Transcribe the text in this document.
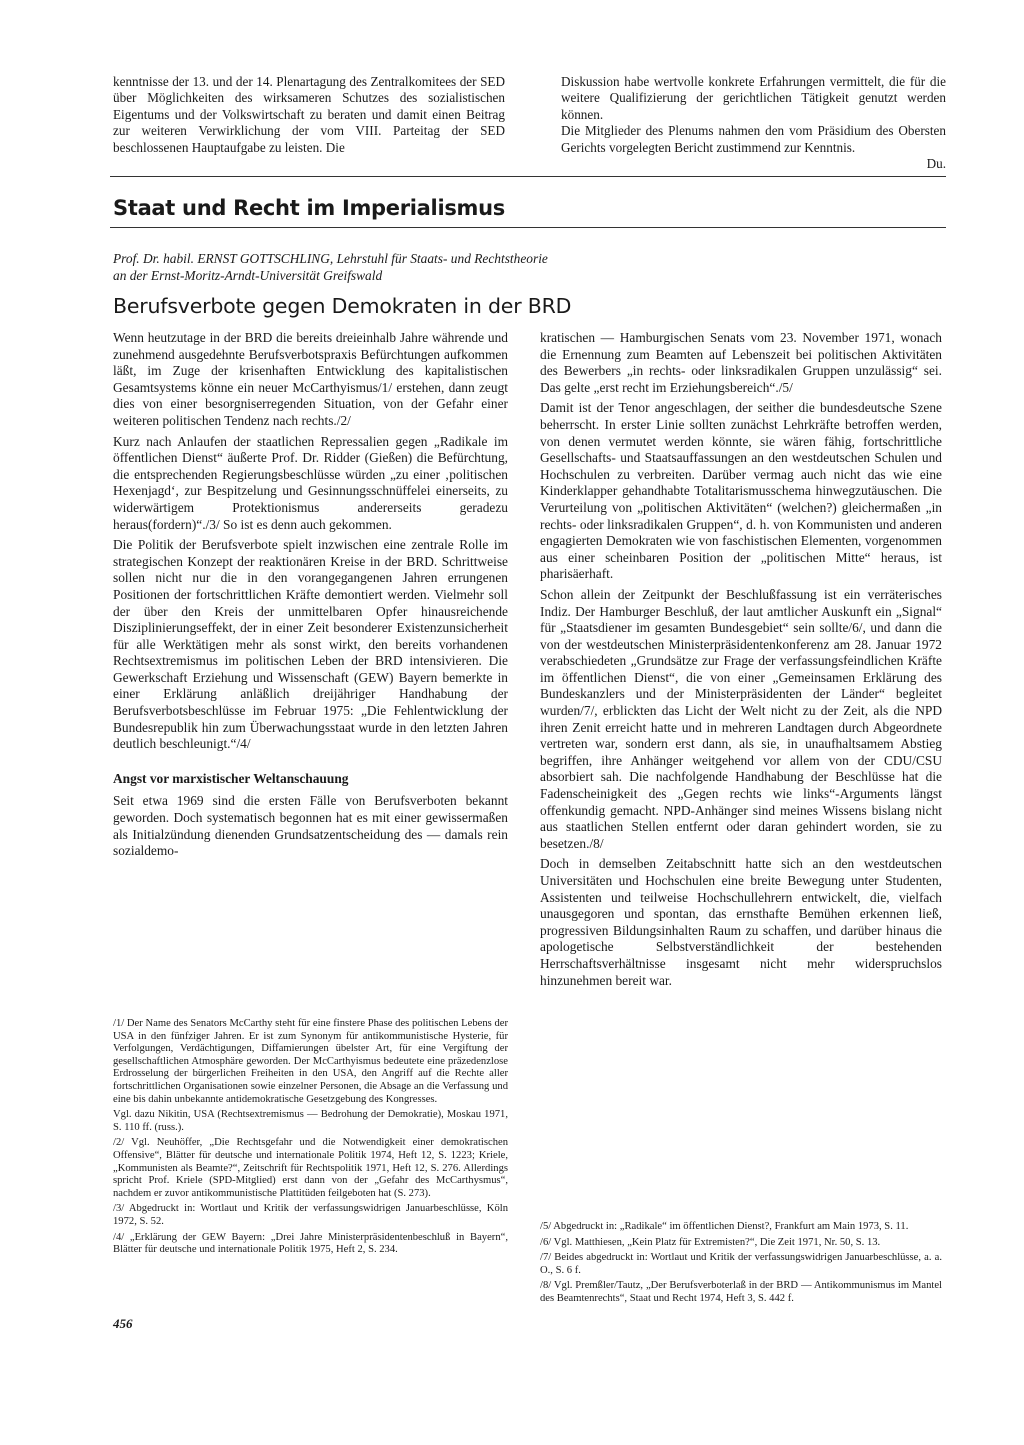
kenntnisse der 13. und der 14. Plenartagung des Zentralkomitees der SED über Möglichkeiten des wirksameren Schutzes des sozialistischen Eigentums und der Volkswirtschaft zu beraten und damit einen Beitrag zur weiteren Verwirklichung der vom VIII. Parteitag der SED beschlossenen Hauptaufgabe zu leisten. Die

Diskussion habe wertvolle konkrete Erfahrungen vermittelt, die für die weitere Qualifizierung der gerichtlichen Tätigkeit genutzt werden können.

Die Mitglieder des Plenums nahmen den vom Präsidium des Obersten Gerichts vorgelegten Bericht zustimmend zur Kenntnis.

Du.

Staat und Recht im Imperialismus

Prof. Dr. habil. ERNST GOTTSCHLING, Lehrstuhl für Staats- und Rechtstheorie
an der Ernst-Moritz-Arndt-Universität Greifswald

Berufsverbote gegen Demokraten in der BRD

Wenn heutzutage in der BRD die bereits dreieinhalb Jahre währende und zunehmend ausgedehnte Berufsverbotspraxis Befürchtungen aufkommen läßt, im Zuge der krisenhaften Entwicklung des kapitalistischen Gesamtsystems könne ein neuer McCarthyismus/1/ erstehen, dann zeugt dies von einer besorgniserregenden Situation, von der Gefahr einer weiteren politischen Tendenz nach rechts./2/

Kurz nach Anlaufen der staatlichen Repressalien gegen „Radikale im öffentlichen Dienst“ äußerte Prof. Dr. Ridder (Gießen) die Befürchtung, die entsprechenden Regierungsbeschlüsse würden „zu einer ‚politischen Hexenjagd‘, zur Bespitzelung und Gesinnungsschnüffelei einerseits, zu widerwärtigem Protektionismus andererseits geradezu heraus(fordern)“./3/ So ist es denn auch gekommen.

Die Politik der Berufsverbote spielt inzwischen eine zentrale Rolle im strategischen Konzept der reaktionären Kreise in der BRD. Schrittweise sollen nicht nur die in den vorangegangenen Jahren errungenen Positionen der fortschrittlichen Kräfte demontiert werden. Vielmehr soll der über den Kreis der unmittelbaren Opfer hinausreichende Disziplinierungseffekt, der in einer Zeit besonderer Existenzunsicherheit für alle Werktätigen mehr als sonst wirkt, den bereits vorhandenen Rechtsextremismus im politischen Leben der BRD intensivieren. Die Gewerkschaft Erziehung und Wissenschaft (GEW) Bayern bemerkte in einer Erklärung anläßlich dreijähriger Handhabung der Berufsverbotsbeschlüsse im Februar 1975: „Die Fehlentwicklung der Bundesrepublik hin zum Überwachungsstaat wurde in den letzten Jahren deutlich beschleunigt.“/4/

Angst vor marxistischer Weltanschauung

Seit etwa 1969 sind die ersten Fälle von Berufsverboten bekannt geworden. Doch systematisch begonnen hat es mit einer gewissermaßen als Initialzündung dienenden Grundsatzentscheidung des — damals rein sozialdemo-

kratischen — Hamburgischen Senats vom 23. November 1971, wonach die Ernennung zum Beamten auf Lebenszeit bei politischen Aktivitäten des Bewerbers „in rechts- oder linksradikalen Gruppen unzulässig“ sei. Das gelte „erst recht im Erziehungsbereich“./5/

Damit ist der Tenor angeschlagen, der seither die bundesdeutsche Szene beherrscht. In erster Linie sollten zunächst Lehrkräfte betroffen werden, von denen vermutet werden könnte, sie wären fähig, fortschrittliche Gesellschafts- und Staatsauffassungen an den westdeutschen Schulen und Hochschulen zu verbreiten. Darüber vermag auch nicht das wie eine Kinderklapper gehandhabte Totalitarismusschema hinwegzutäuschen. Die Verurteilung von „politischen Aktivitäten“ (welchen?) gleichermaßen „in rechts- oder linksradikalen Gruppen“, d. h. von Kommunisten und anderen engagierten Demokraten wie von faschistischen Elementen, vorgenommen aus einer scheinbaren Position der „politischen Mitte“ heraus, ist pharisäerhaft.

Schon allein der Zeitpunkt der Beschlußfassung ist ein verräterisches Indiz. Der Hamburger Beschluß, der laut amtlicher Auskunft ein „Signal“ für „Staatsdiener im gesamten Bundesgebiet“ sein sollte/6/, und dann die von der westdeutschen Ministerpräsidentenkonferenz am 28. Januar 1972 verabschiedeten „Grundsätze zur Frage der verfassungsfeindlichen Kräfte im öffentlichen Dienst“, die von einer „Gemeinsamen Erklärung des Bundeskanzlers und der Ministerpräsidenten der Länder“ begleitet wurden/7/, erblickten das Licht der Welt nicht zu der Zeit, als die NPD ihren Zenit erreicht hatte und in mehreren Landtagen durch Abgeordnete vertreten war, sondern erst dann, als sie, in unaufhaltsamem Abstieg begriffen, ihre Anhänger weitgehend vor allem von der CDU/CSU absorbiert sah. Die nachfolgende Handhabung der Beschlüsse hat die Fadenscheinigkeit des „Gegen rechts wie links“-Arguments längst offenkundig gemacht. NPD-Anhänger sind meines Wissens bislang nicht aus staatlichen Stellen entfernt oder daran gehindert worden, sie zu besetzen./8/

Doch in demselben Zeitabschnitt hatte sich an den westdeutschen Universitäten und Hochschulen eine breite Bewegung unter Studenten, Assistenten und teilweise Hochschullehrern entwickelt, die, vielfach unausgegoren und spontan, das ernsthafte Bemühen erkennen ließ, progressiven Bildungsinhalten Raum zu schaffen, und darüber hinaus die apologetische Selbstverständlichkeit der bestehenden Herrschaftsverhältnisse insgesamt nicht mehr widerspruchslos hinzunehmen bereit war.

/1/ Der Name des Senators McCarthy steht für eine finstere Phase des politischen Lebens der USA in den fünfziger Jahren. Er ist zum Synonym für antikommunistische Hysterie, für Verfolgungen, Verdächtigungen, Diffamierungen übelster Art, für eine Vergiftung der gesellschaftlichen Atmosphäre geworden. Der McCarthyismus bedeutete eine präzedenzlose Erdrosselung der bürgerlichen Freiheiten in den USA, den Angriff auf die Rechte aller fortschrittlichen Organisationen sowie einzelner Personen, die Absage an die Verfassung und eine bis dahin unbekannte antidemokratische Gesetzgebung des Kongresses.

Vgl. dazu Nikitin, USA (Rechtsextremismus — Bedrohung der Demokratie), Moskau 1971, S. 110 ff. (russ.).

/2/ Vgl. Neuhöffer, „Die Rechtsgefahr und die Notwendigkeit einer demokratischen Offensive“, Blätter für deutsche und internationale Politik 1974, Heft 12, S. 1223; Kriele, „Kommunisten als Beamte?“, Zeitschrift für Rechtspolitik 1971, Heft 12, S. 276. Allerdings spricht Prof. Kriele (SPD-Mitglied) erst dann von der „Gefahr des McCarthysmus“, nachdem er zuvor antikommunistische Plattitüden feilgeboten hat (S. 273).

/3/ Abgedruckt in: Wortlaut und Kritik der verfassungswidrigen Januarbeschlüsse, Köln 1972, S. 52.

/4/ „Erklärung der GEW Bayern: „Drei Jahre Ministerpräsidentenbeschluß in Bayern“, Blätter für deutsche und internationale Politik 1975, Heft 2, S. 234.

/5/ Abgedruckt in: „Radikale“ im öffentlichen Dienst?, Frankfurt am Main 1973, S. 11.

/6/ Vgl. Matthiesen, „Kein Platz für Extremisten?“, Die Zeit 1971, Nr. 50, S. 13.

/7/ Beides abgedruckt in: Wortlaut und Kritik der verfassungswidrigen Januarbeschlüsse, a. a. O., S. 6 f.

/8/ Vgl. Premßler/Tautz, „Der Berufsverboterlaß in der BRD — Antikommunismus im Mantel des Beamtenrechts“, Staat und Recht 1974, Heft 3, S. 442 f.

456
